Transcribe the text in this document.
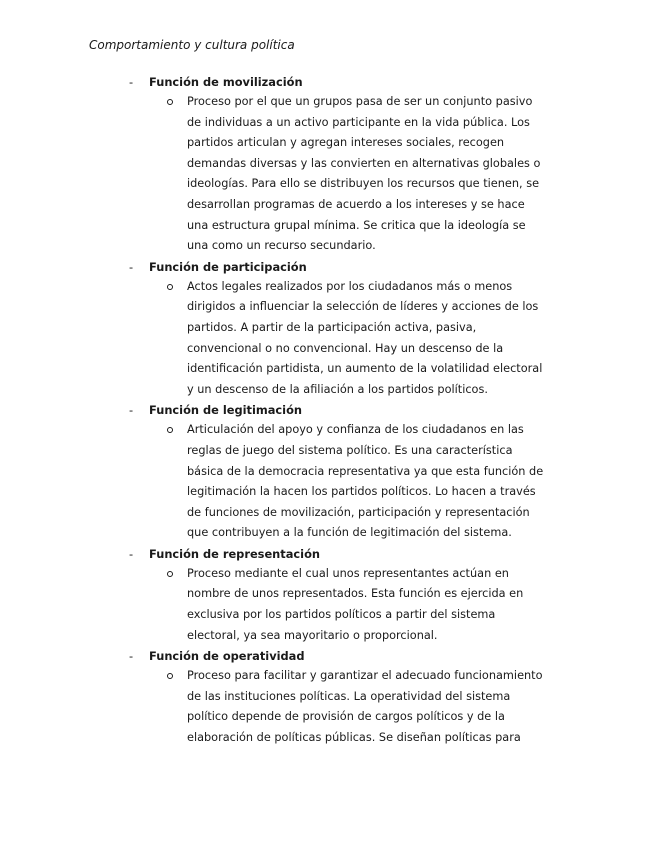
Comportamiento y cultura política
- Función de movilización

Proceso por el que un grupos pasa de ser un conjunto pasivo
de individuas a un activo participante en la vida pública. Los
partidos articulan y agregan intereses sociales, recogen
demandas diversas y las convierten en alternativas globales o
ideologías. Para ello se distribuyen los recursos que tienen, se
desarrollan programas de acuerdo a los intereses y se hace
una estructura grupal mínima. Se critica que la ideología se
una como un recurso secundario.

- Función de participación

Actos legales realizados por los ciudadanos más o menos
dirigidos a influenciar la selección de líderes y acciones de los
partidos. A partir de la participación activa, pasiva,
convencional o no convencional. Hay un descenso de la
identificación partidista, un aumento de la volatilidad electoral
y un descenso de la afiliación a los partidos políticos.

- Función de legitimación

Articulación del apoyo y confianza de los ciudadanos en las
reglas de juego del sistema político. Es una característica
básica de la democracia representativa ya que esta función de
legitimación la hacen los partidos políticos. Lo hacen a través
de funciones de movilización, participación y representación
que contribuyen a la función de legitimación del sistema.

- Función de representación

Proceso mediante el cual unos representantes actúan en
nombre de unos representados. Esta función es ejercida en
exclusiva por los partidos políticos a partir del sistema
electoral, ya sea mayoritario o proporcional.

- Función de operatividad

Proceso para facilitar y garantizar el adecuado funcionamiento
de las instituciones políticas. La operatividad del sistema
político depende de provisión de cargos políticos y de la
elaboración de políticas públicas. Se diseñan políticas para
